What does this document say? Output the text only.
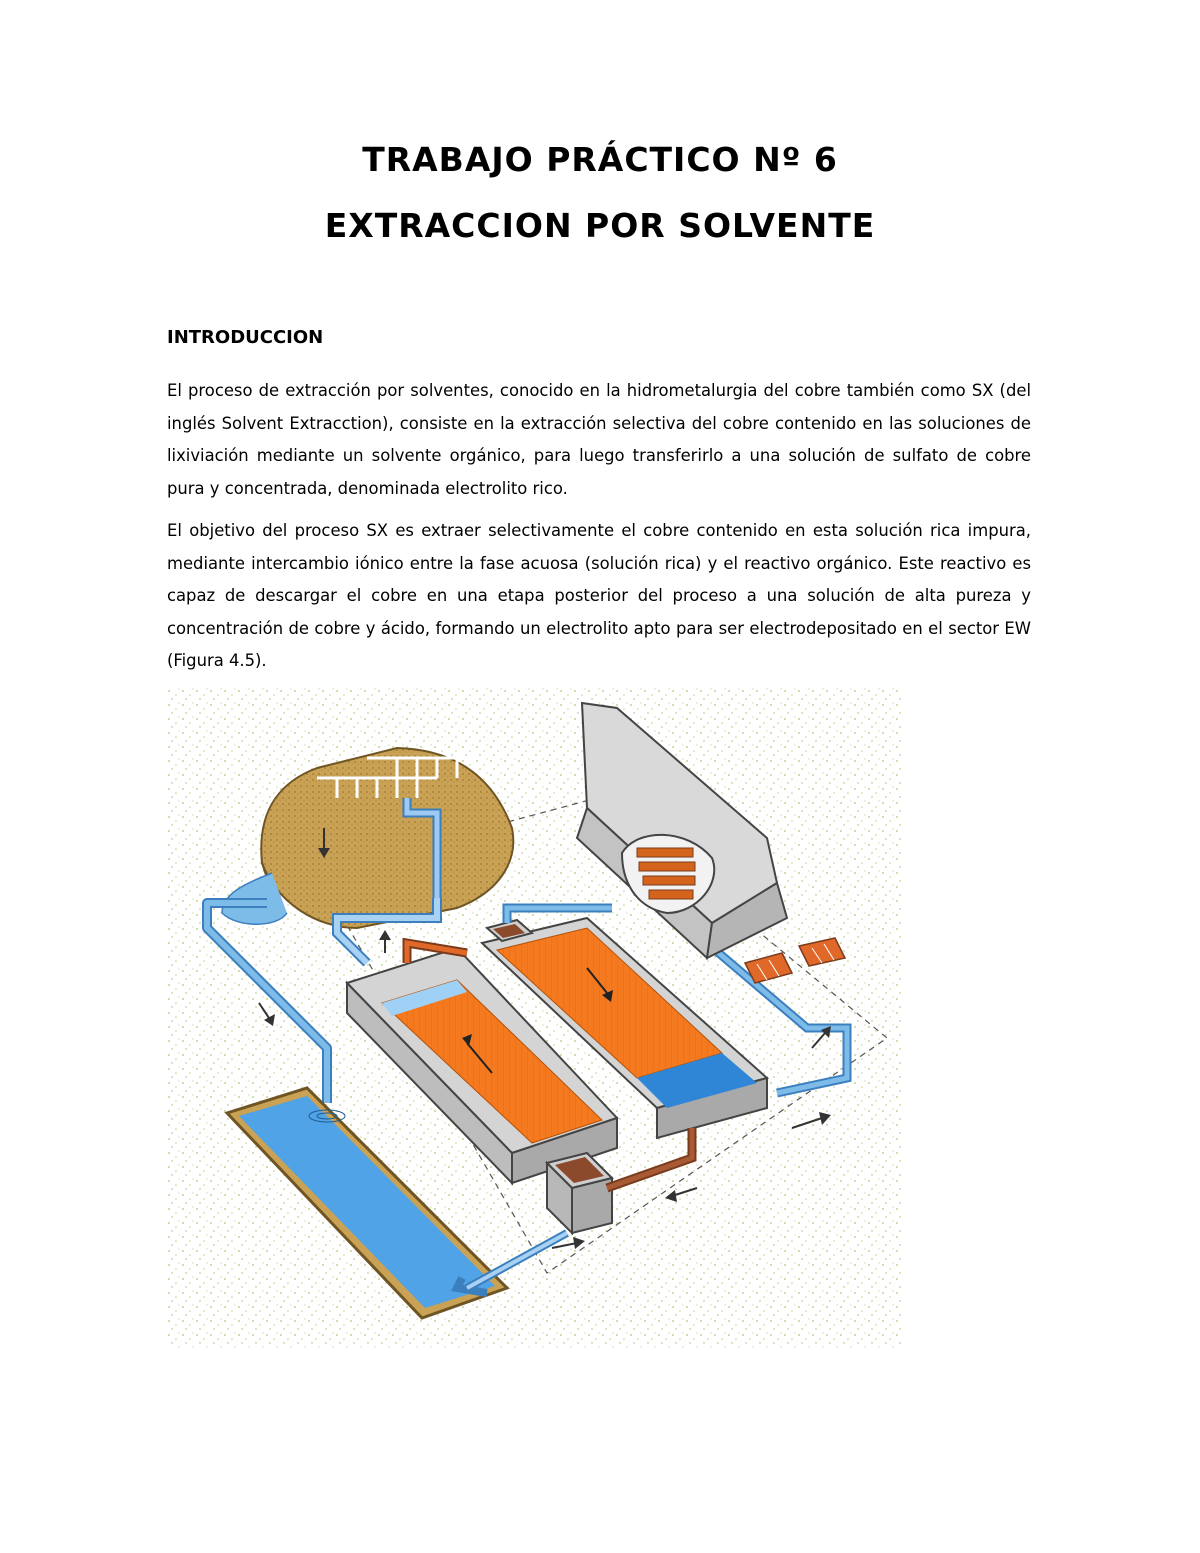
TRABAJO PRÁCTICO Nº 6
EXTRACCION POR SOLVENTE
INTRODUCCION

El proceso de extracción por solventes, conocido en la hidrometalurgia del cobre también como SX (del inglés Solvent Extracction), consiste en la extracción selectiva del cobre contenido en las soluciones de lixiviación mediante un solvente orgánico, para luego transferirlo a una solución de sulfato de cobre pura y concentrada, denominada electrolito rico.

El objetivo del proceso SX es extraer selectivamente el cobre contenido en esta solución rica impura, mediante intercambio iónico entre la fase acuosa (solución rica) y el reactivo orgánico. Este reactivo es capaz de descargar el cobre en una etapa posterior del proceso a una solución de alta pureza y concentración de cobre y ácido, formando un electrolito apto para ser electrodepositado en el sector EW (Figura 4.5).
